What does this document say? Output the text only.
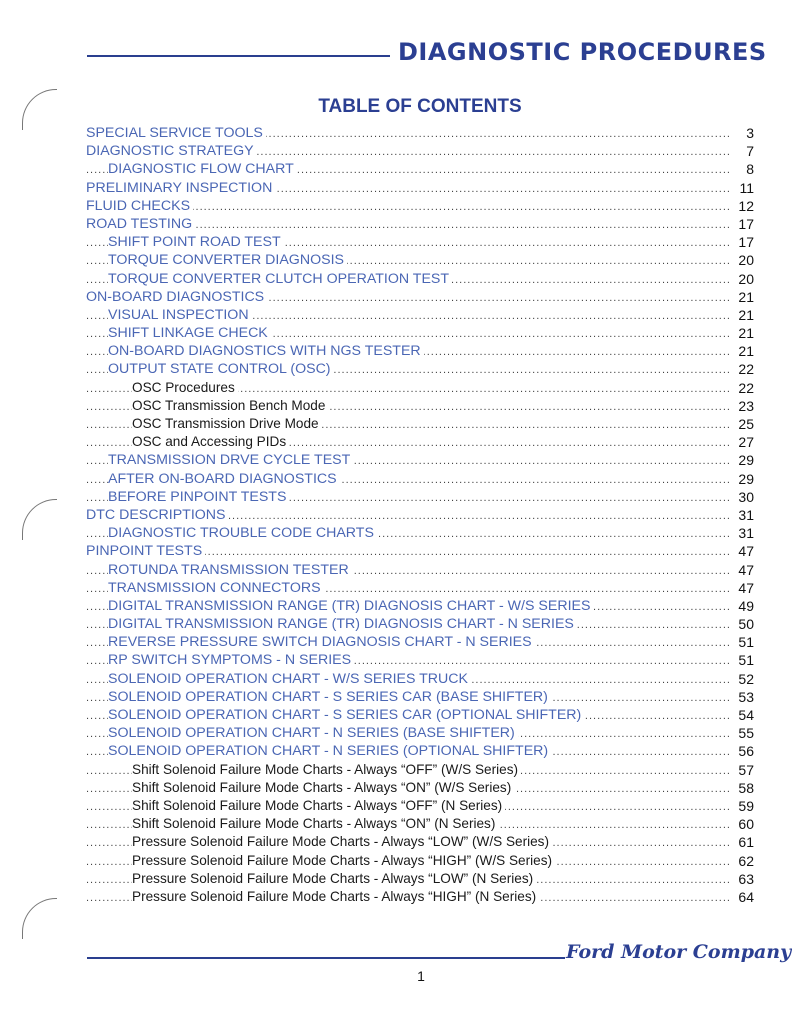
DIAGNOSTIC PROCEDURES
TABLE OF CONTENTS
.....
SPECIAL SERVICE TOOLS	3
.....
DIAGNOSTIC STRATEGY	7
.....
DIAGNOSTIC FLOW CHART	8
.....
PRELIMINARY INSPECTION	11
.....
FLUID CHECKS	12
.....
ROAD TESTING	17
.....
SHIFT POINT ROAD TEST	17
.....
TORQUE CONVERTER DIAGNOSIS	20
.....
TORQUE CONVERTER CLUTCH OPERATION TEST	20
.....
ON-BOARD DIAGNOSTICS	21
.....
VISUAL INSPECTION	21
.....
SHIFT LINKAGE CHECK	21
.....
ON-BOARD DIAGNOSTICS WITH NGS TESTER	21
.....
OUTPUT STATE CONTROL (OSC)	22
.....
OSC Procedures	22
.....
OSC Transmission Bench Mode	23
.....
OSC Transmission Drive Mode	25
.....
OSC and Accessing PIDs	27
.....
TRANSMISSION DRVE CYCLE TEST	29
.....
AFTER ON-BOARD DIAGNOSTICS	29
.....
BEFORE PINPOINT TESTS	30
.....
DTC DESCRIPTIONS	31
.....
DIAGNOSTIC TROUBLE CODE CHARTS	31
.....
PINPOINT TESTS	47
.....
ROTUNDA TRANSMISSION TESTER	47
.....
TRANSMISSION CONNECTORS	47
.....
DIGITAL TRANSMISSION RANGE (TR) DIAGNOSIS CHART - W/S SERIES	49
.....
DIGITAL TRANSMISSION RANGE (TR) DIAGNOSIS CHART - N SERIES	50
.....
REVERSE PRESSURE SWITCH DIAGNOSIS CHART - N SERIES	51
.....
RP SWITCH SYMPTOMS - N SERIES	51
.....
SOLENOID OPERATION CHART - W/S SERIES TRUCK	52
.....
SOLENOID OPERATION CHART - S SERIES CAR (BASE SHIFTER)	53
.....
SOLENOID OPERATION CHART - S SERIES CAR (OPTIONAL SHIFTER)	54
.....
SOLENOID OPERATION CHART - N SERIES (BASE SHIFTER)	55
.....
SOLENOID OPERATION CHART - N SERIES (OPTIONAL SHIFTER)	56
.....
Shift Solenoid Failure Mode Charts - Always “OFF” (W/S Series)	57
.....
Shift Solenoid Failure Mode Charts - Always “ON” (W/S Series)	58
.....
Shift Solenoid Failure Mode Charts - Always “OFF” (N Series)	59
.....
Shift Solenoid Failure Mode Charts - Always “ON” (N Series)	60
.....
Pressure Solenoid Failure Mode Charts - Always “LOW” (W/S Series)	61
.....
Pressure Solenoid Failure Mode Charts - Always “HIGH” (W/S Series)	62
.....
Pressure Solenoid Failure Mode Charts - Always “LOW” (N Series)	63
.....
Pressure Solenoid Failure Mode Charts - Always “HIGH” (N Series)	64
Ford Motor Company
1
